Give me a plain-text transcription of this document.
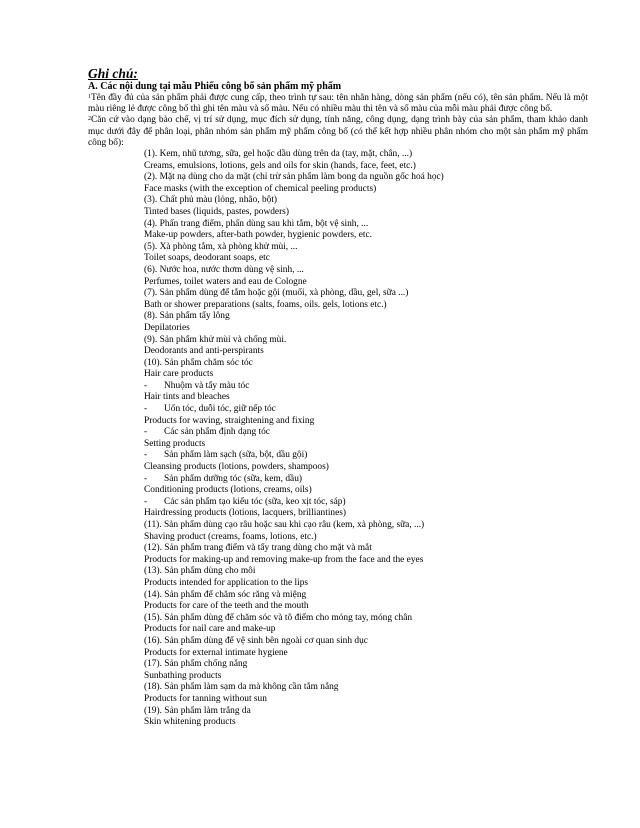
Ghi chú:

A. Các nội dung tại mẫu Phiếu công bố sản phẩm mỹ phẩm

$^1$Tên đầy đủ của sản phẩm phải được cung cấp, theo trình tự sau: tên nhãn hàng, dòng sản phẩm (nếu có), tên sản phẩm. Nếu là một màu riêng lẻ được công bố thì ghi tên màu và số màu. Nếu có nhiều màu thì tên và số màu của mỗi màu phải được công bố.

$^2$Căn cứ vào dạng bào chế, vị trí sử dụng, mục đích sử dụng, tính năng, công dụng, dạng trình bày của sản phẩm, tham khảo danh mục dưới đây để phân loại, phân nhóm sản phẩm mỹ phẩm công bố (có thể kết hợp nhiều phân nhóm cho một sản phẩm mỹ phẩm công bố):

(1). Kem, nhũ tương, sữa, gel hoặc dầu dùng trên da (tay, mặt, chân, ...)

Creams, emulsions, lotions, gels and oils for skin (hands, face, feet, etc.)

(2). Mặt nạ dùng cho da mặt (chỉ trừ sản phẩm làm bong da nguồn gốc hoá học)

Face masks (with the exception of chemical peeling products)

(3). Chất phủ màu (lỏng, nhão, bột)

Tinted bases (liquids, pastes, powders)

(4). Phấn trang điểm, phấn dùng sau khi tắm, bột vệ sinh, ...

Make-up powders, after-bath powder, hygienic powders, etc.

(5). Xà phòng tắm, xà phòng khử mùi, ...

Toilet soaps, deodorant soaps, etc

(6). Nước hoa, nước thơm dùng vệ sinh, ...

Perfumes, toilet waters and eau de Cologne

(7). Sản phẩm dùng để tắm hoặc gội (muối, xà phòng, dầu, gel, sữa ...)

Bath or shower preparations (salts, foams, oils. gels, lotions etc.)

(8). Sản phẩm tẩy lông

Depilatories

(9). Sản phẩm khử mùi và chống mùi.

Deodorants and anti-perspirants

(10). Sản phẩm chăm sóc tóc

Hair care products

- Nhuộm và tẩy màu tóc

Hair tints and bleaches

- Uốn tóc, duỗi tóc, giữ nếp tóc

Products for waving, straightening and fixing

- Các sản phẩm định dạng tóc

Setting products

- Sản phẩm làm sạch (sữa, bột, dầu gội)

Cleansing products (lotions, powders, shampoos)

- Sản phẩm dưỡng tóc (sữa, kem, dầu)

Conditioning products (lotions, creams, oils)

- Các sản phẩm tạo kiểu tóc (sữa, keo xịt tóc, sáp)

Hairdressing products (lotions, lacquers, brilliantines)

(11). Sản phẩm dùng cạo râu hoặc sau khi cạo râu (kem, xà phòng, sữa, ...)

Shaving product (creams, foams, lotions, etc.)

(12). Sản phẩm trang điểm và tẩy trang dùng cho mặt và mắt

Products for making-up and removing make-up from the face and the eyes

(13). Sản phẩm dùng cho môi

Products intended for application to the lips

(14). Sản phẩm để chăm sóc răng và miệng

Products for care of the teeth and the mouth

(15). Sản phẩm dùng để chăm sóc và tô điểm cho móng tay, móng chân

Products for nail care and make-up

(16). Sản phẩm dùng để vệ sinh bên ngoài cơ quan sinh dục

Products for external intimate hygiene

(17). Sản phẩm chống nắng

Sunbathing products

(18). Sản phẩm làm sạm da mà không cần tắm nắng

Products for tanning without sun

(19). Sản phẩm làm trắng da

Skin whitening products
